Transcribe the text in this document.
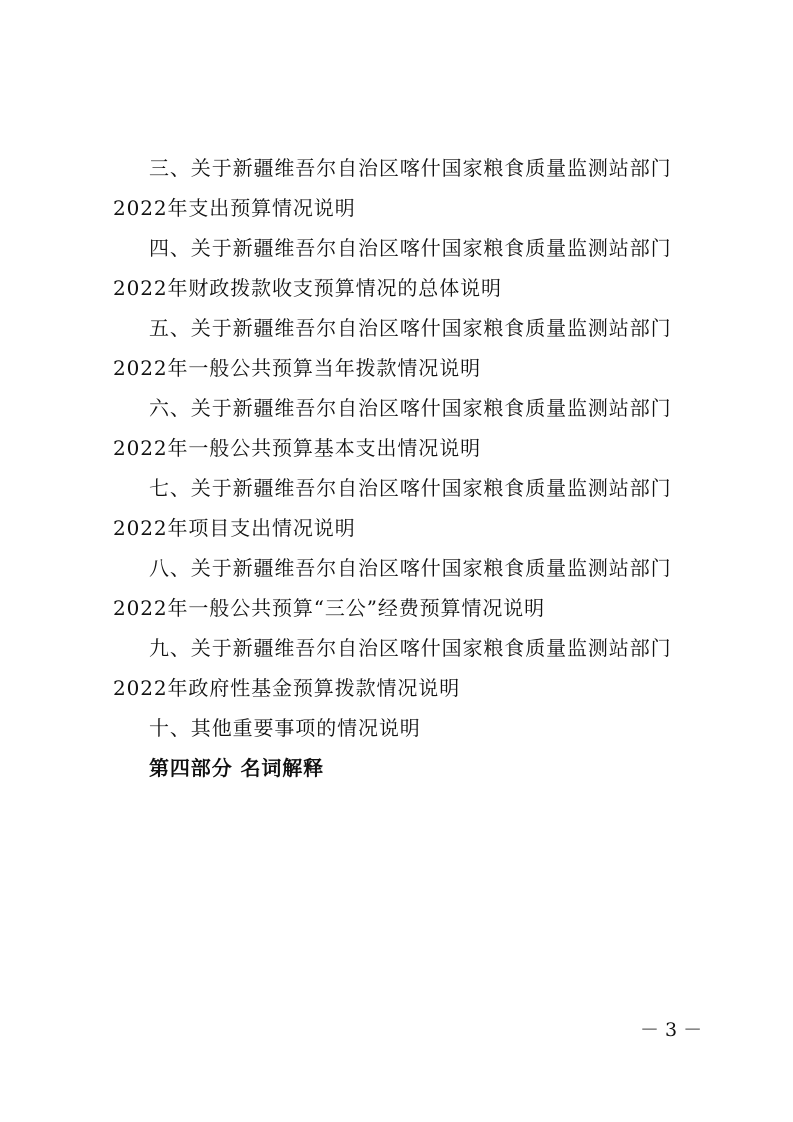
三、关于新疆维吾尔自治区喀什国家粮食质量监测站部门
2022年支出预算情况说明
四、关于新疆维吾尔自治区喀什国家粮食质量监测站部门
2022年财政拨款收支预算情况的总体说明
五、关于新疆维吾尔自治区喀什国家粮食质量监测站部门
2022年一般公共预算当年拨款情况说明
六、关于新疆维吾尔自治区喀什国家粮食质量监测站部门
2022年一般公共预算基本支出情况说明
七、关于新疆维吾尔自治区喀什国家粮食质量监测站部门
2022年项目支出情况说明
八、关于新疆维吾尔自治区喀什国家粮食质量监测站部门
2022年一般公共预算“三公”经费预算情况说明
九、关于新疆维吾尔自治区喀什国家粮食质量监测站部门
2022年政府性基金预算拨款情况说明
十、其他重要事项的情况说明
第四部分 名词解释
－ 3 －
